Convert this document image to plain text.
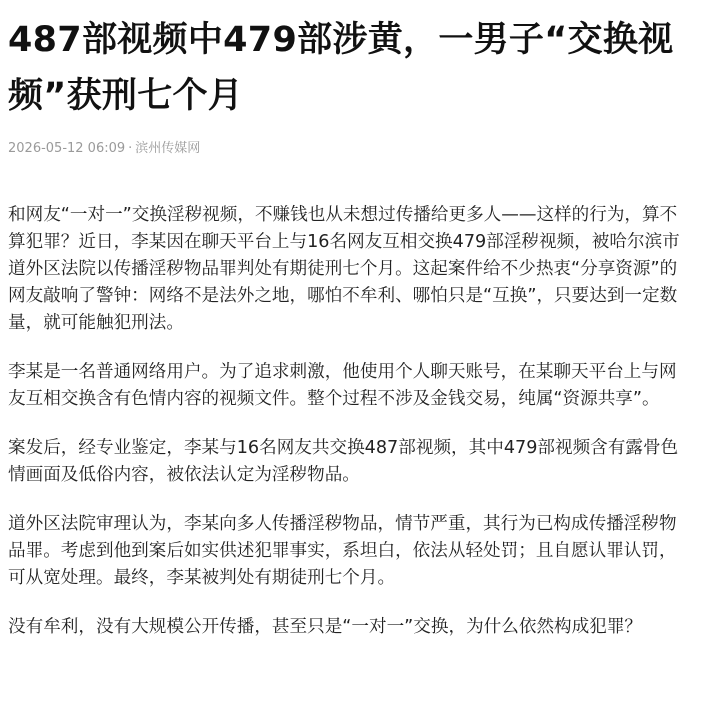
487部视频中479部涉黄，一男子“交换视
频”获刑七个月
2026-05-12 06:09 · 滨州传媒网

和网友“一对一”交换淫秽视频，不赚钱也从未想过传播给更多人——这样的行为，算不算犯罪？近日，李某因在聊天平台上与16名网友互相交换479部淫秽视频，被哈尔滨市道外区法院以传播淫秽物品罪判处有期徒刑七个月。这起案件给不少热衷“分享资源”的网友敲响了警钟：网络不是法外之地，哪怕不牟利、哪怕只是“互换”，只要达到一定数量，就可能触犯刑法。

李某是一名普通网络用户。为了追求刺激，他使用个人聊天账号，在某聊天平台上与网友互相交换含有色情内容的视频文件。整个过程不涉及金钱交易，纯属“资源共享”。

案发后，经专业鉴定，李某与16名网友共交换487部视频，其中479部视频含有露骨色情画面及低俗内容，被依法认定为淫秽物品。

道外区法院审理认为，李某向多人传播淫秽物品，情节严重，其行为已构成传播淫秽物品罪。考虑到他到案后如实供述犯罪事实，系坦白，依法从轻处罚；且自愿认罪认罚，可从宽处理。最终，李某被判处有期徒刑七个月。

没有牟利，没有大规模公开传播，甚至只是“一对一”交换，为什么依然构成犯罪？
